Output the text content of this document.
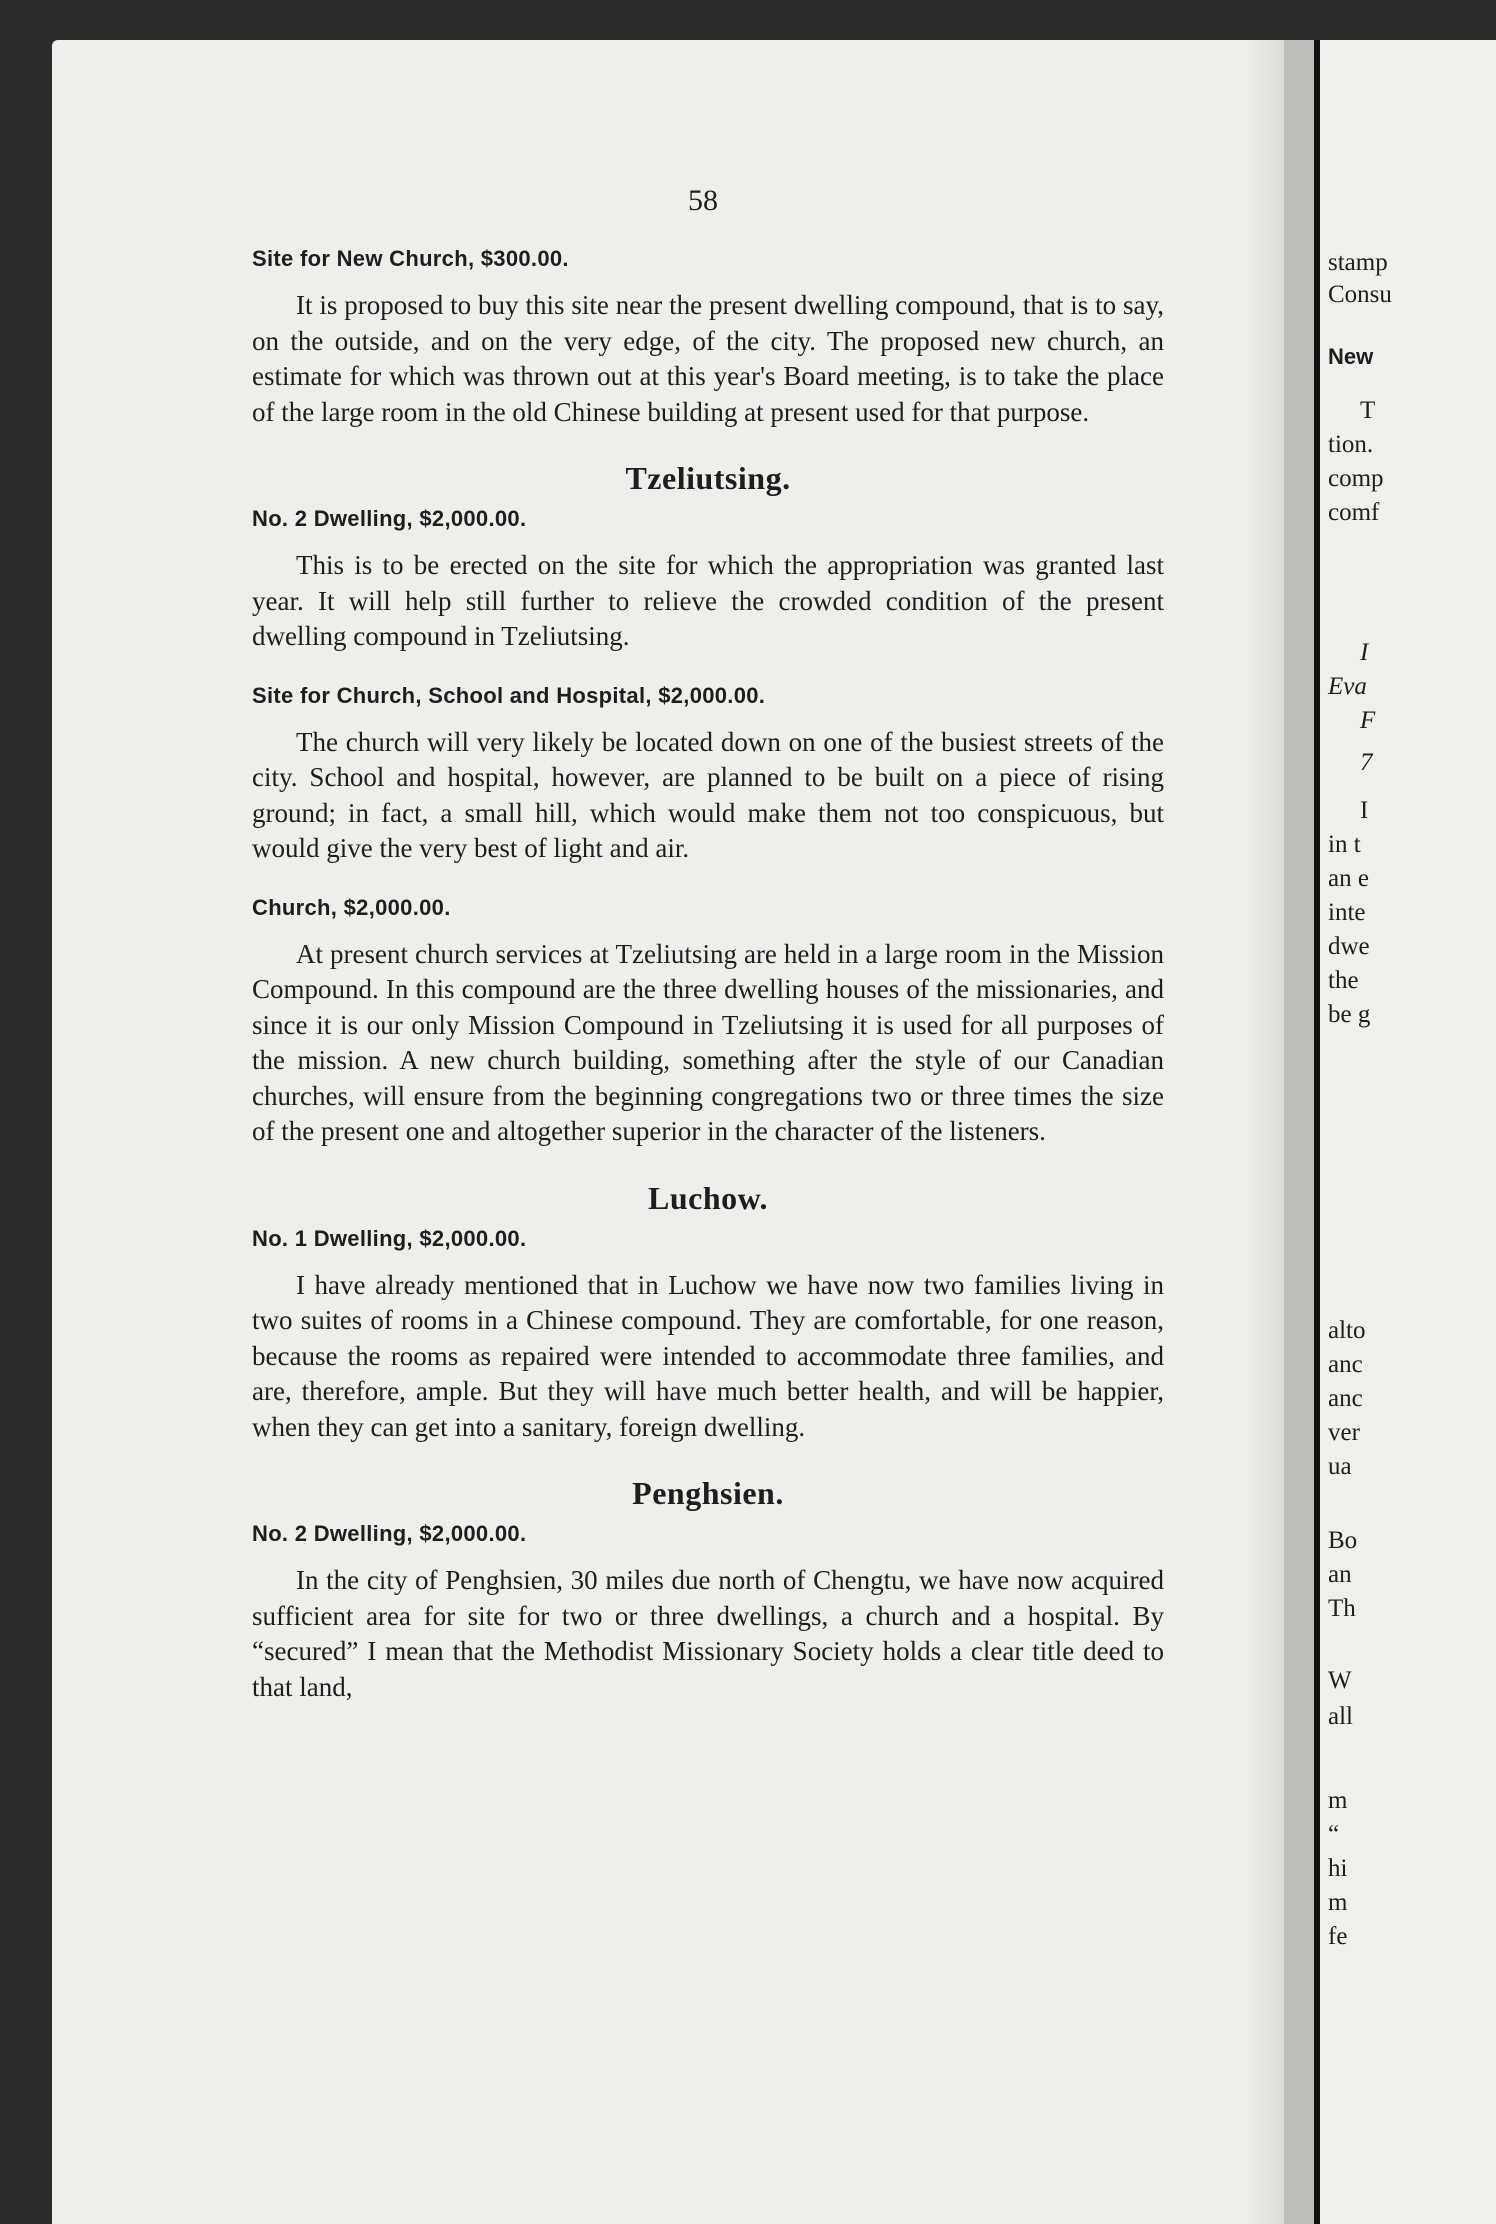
58
Site for New Church, $300.00.

It is proposed to buy this site near the present dwelling compound, that is to say, on the outside, and on the very edge, of the city. The proposed new church, an estimate for which was thrown out at this year's Board meeting, is to take the place of the large room in the old Chinese building at present used for that purpose.

Tzeliutsing.
No. 2 Dwelling, $2,000.00.

This is to be erected on the site for which the appropriation was granted last year. It will help still further to relieve the crowded condition of the present dwelling compound in Tzeliutsing.

Site for Church, School and Hospital, $2,000.00.

The church will very likely be located down on one of the busiest streets of the city. School and hospital, however, are planned to be built on a piece of rising ground; in fact, a small hill, which would make them not too conspicuous, but would give the very best of light and air.

Church, $2,000.00.

At present church services at Tzeliutsing are held in a large room in the Mission Compound. In this compound are the three dwelling houses of the missionaries, and since it is our only Mission Compound in Tzeliutsing it is used for all purposes of the mission. A new church building, something after the style of our Canadian churches, will ensure from the beginning congregations two or three times the size of the present one and altogether superior in the character of the listeners.

Luchow.
No. 1 Dwelling, $2,000.00.

I have already mentioned that in Luchow we have now two families living in two suites of rooms in a Chinese compound. They are comfortable, for one reason, because the rooms as repaired were intended to accommodate three families, and are, therefore, ample. But they will have much better health, and will be happier, when they can get into a sanitary, foreign dwelling.

Penghsien.
No. 2 Dwelling, $2,000.00.

In the city of Penghsien, 30 miles due north of Chengtu, we have now acquired sufficient area for site for two or three dwellings, a church and a hospital. By “secured” I mean that the Methodist Missionary Society holds a clear title deed to that land,

stamp
Consu
New
T
tion.
comp
comf
I
Eva
F
7
I
in t
an e
inte
dwe
the
be g
alto
anc
anc
ver
ua
Bo
an
Th
W
all
m
“
hi
m
fe
